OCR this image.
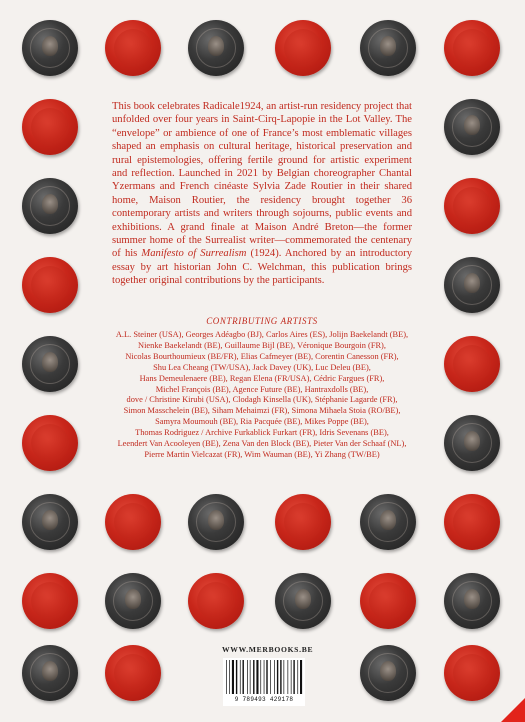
This book celebrates Radicale1924, an artist-run residency project that unfolded over four years in Saint-Cirq-Lapopie in the Lot Valley. The “envelope” or ambience of one of France’s most emblematic villages shaped an emphasis on cultural heritage, historical preservation and rural epistemologies, offering fertile ground for artistic experiment and reflection. Launched in 2021 by Belgian choreographer Chantal Yzermans and French cinéaste Sylvia Zade Routier in their shared home, Maison Routier, the residency brought together 36 contemporary artists and writers through sojourns, public events and exhibitions. A grand finale at Maison André Breton—the former summer home of the Surrealist writer—commemorated the centenary of his Manifesto of Surrealism (1924). Anchored by an introductory essay by art historian John C. Welchman, this publication brings together original contributions by the participants.

CONTRIBUTING ARTISTS

A.L. Steiner (USA), Georges Adéagbo (BJ), Carlos Aires (ES), Jolijn Baekelandt (BE), Nienke Baekelandt (BE), Guillaume Bijl (BE), Véronique Bourgoin (FR), Nicolas Bourthoumieux (BE/FR), Elias Cafmeyer (BE), Corentin Canesson (FR), Shu Lea Cheang (TW/USA), Jack Davey (UK), Luc Deleu (BE), Hans Demeulenaere (BE), Regan Elena (FR/USA), Cédric Fargues (FR), Michel François (BE), Agence Future (BE), Hantraxdolls (BE), dove / Christine Kirubi (USA), Clodagh Kinsella (UK), Stéphanie Lagarde (FR), Simon Masschelein (BE), Siham Mehaimzi (FR), Simona Mihaela Stoia (RO/BE), Samyra Moumouh (BE), Ria Pacquée (BE), Mikes Poppe (BE), Thomas Rodriguez / Archive Furkablick Furkart (FR), Idris Sevenans (BE), Leendert Van Acooleyen (BE), Zena Van den Block (BE), Pieter Van der Schaaf (NL), Pierre Martin Vielcazat (FR), Wim Wauman (BE), Yi Zhang (TW/BE)

WWW.MERBOOKS.BE

9 789493 429178
